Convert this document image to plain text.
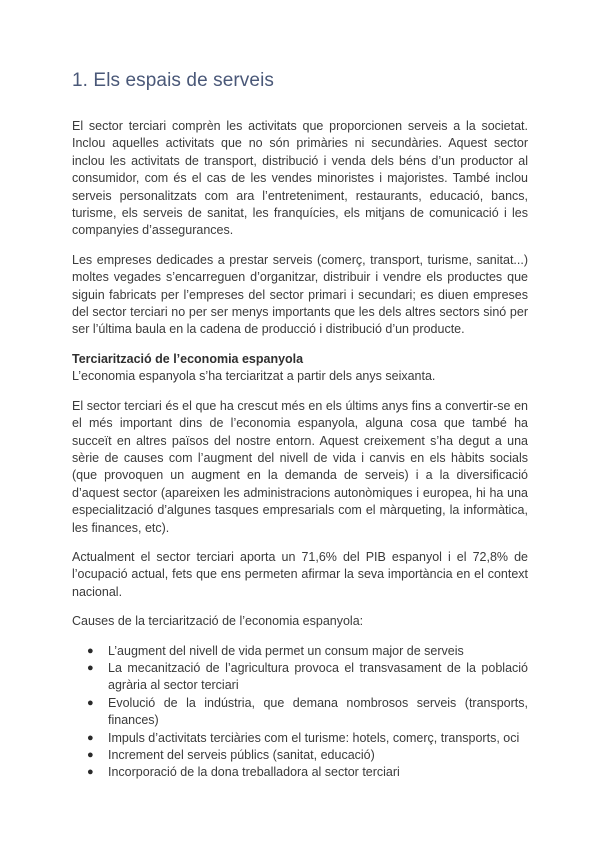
1. Els espais de serveis

El sector terciari comprèn les activitats que proporcionen serveis a la societat. Inclou aquelles activitats que no són primàries ni secundàries. Aquest sector inclou les activitats de transport, distribució i venda dels béns d’un productor al consumidor, com és el cas de les vendes minoristes i majoristes. També inclou serveis personalitzats com ara l’entreteniment, restaurants, educació, bancs, turisme, els serveis de sanitat, les franquícies, els mitjans de comunicació i les companyies d’assegurances.

Les empreses dedicades a prestar serveis (comerç, transport, turisme, sanitat...) moltes vegades s’encarreguen d’organitzar, distribuir i vendre els productes que siguin fabricats per l’empreses del sector primari i secundari; es diuen empreses del sector terciari no per ser menys importants que les dels altres sectors sinó per ser l’última baula en la cadena de producció i distribució d’un producte.

Terciarització de l’economia espanyola

L’economia espanyola s’ha terciaritzat a partir dels anys seixanta.

El sector terciari és el que ha crescut més en els últims anys fins a convertir-se en el més important dins de l’economia espanyola, alguna cosa que també ha succeït en altres països del nostre entorn. Aquest creixement s’ha degut a una sèrie de causes com l’augment del nivell de vida i canvis en els hàbits socials (que provoquen un augment en la demanda de serveis) i a la diversificació d’aquest sector (apareixen les administracions autonòmiques i europea, hi ha una especialització d’algunes tasques empresarials com el màrqueting, la informàtica, les finances, etc).

Actualment el sector terciari aporta un 71,6% del PIB espanyol i el 72,8% de l’ocupació actual, fets que ens permeten afirmar la seva importància en el context nacional.

Causes de la terciarització de l’economia espanyola:

● L’augment del nivell de vida permet un consum major de serveis
● La mecanització de l’agricultura provoca el transvasament de la població agrària al sector terciari
● Evolució de la indústria, que demana nombrosos serveis (transports, finances)
● Impuls d’activitats terciàries com el turisme: hotels, comerç, transports, oci
● Increment del serveis públics (sanitat, educació)
● Incorporació de la dona treballadora al sector terciari
